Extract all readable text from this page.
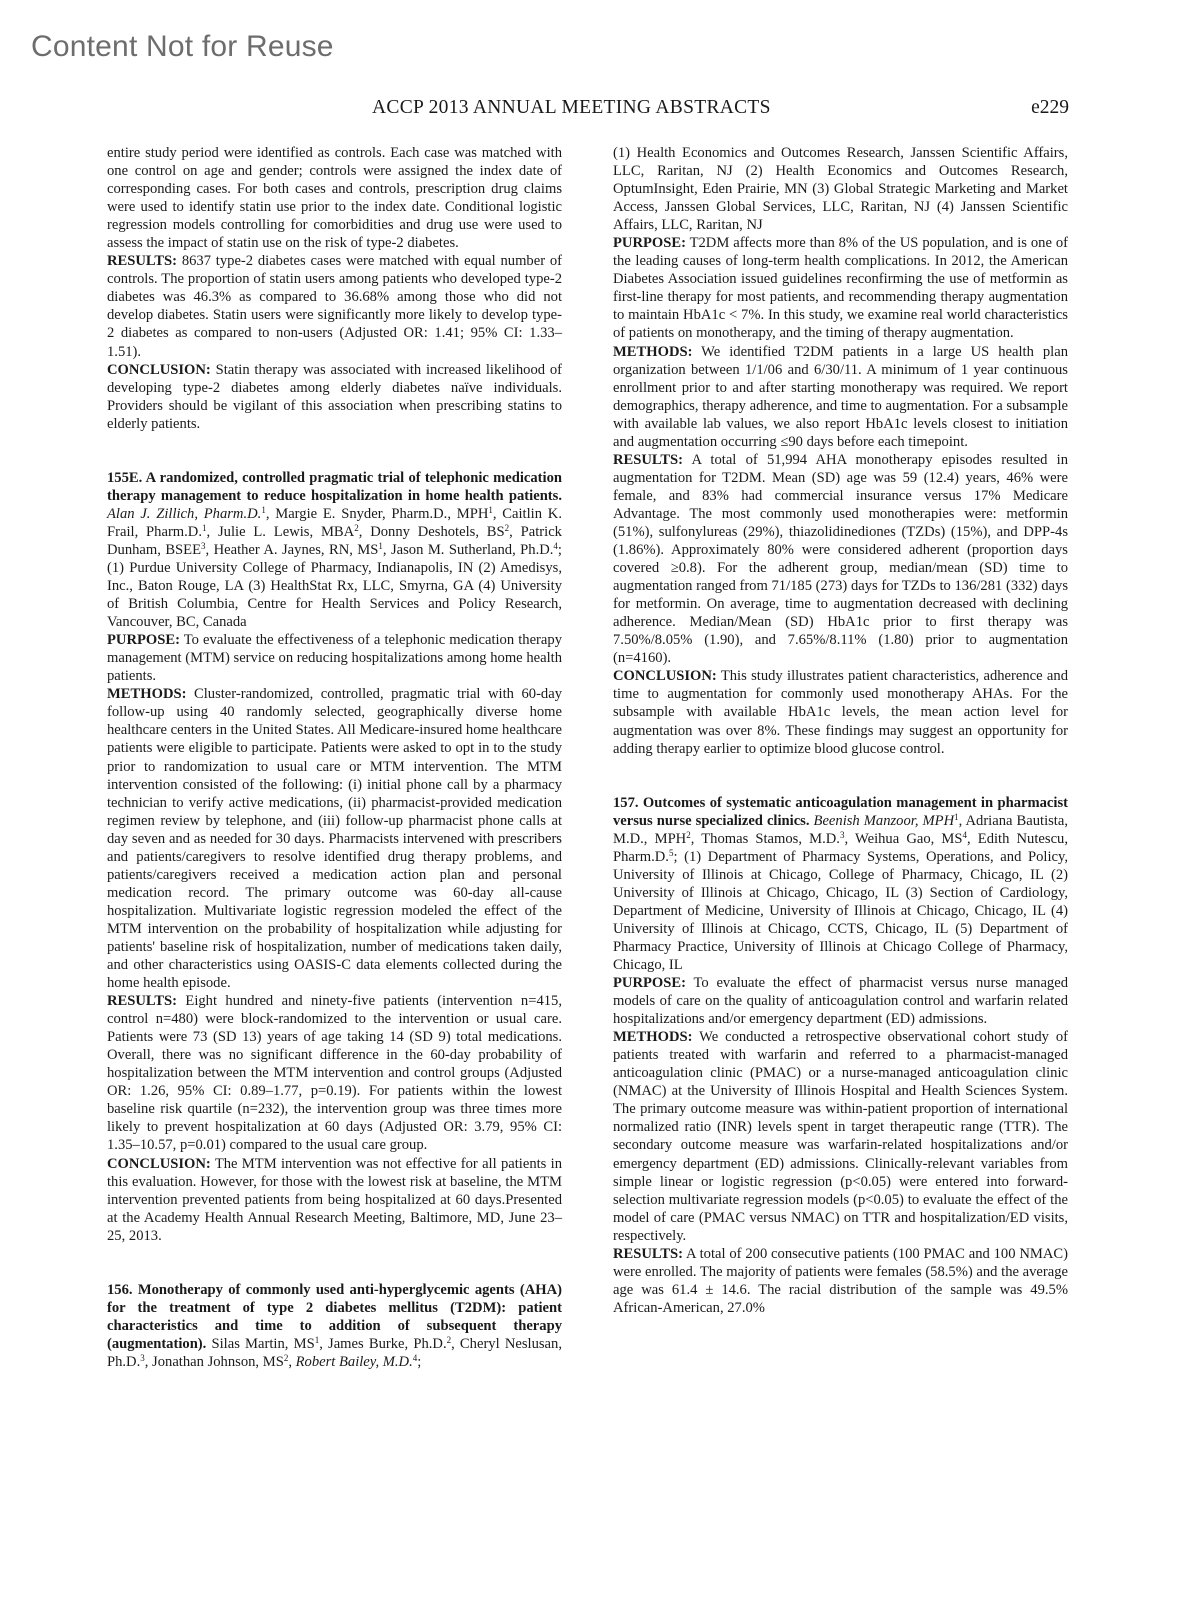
Content Not for Reuse
ACCP 2013 ANNUAL MEETING ABSTRACTS	e229

entire study period were identified as controls. Each case was matched with one control on age and gender; controls were assigned the index date of corresponding cases. For both cases and controls, prescription drug claims were used to identify statin use prior to the index date. Conditional logistic regression models controlling for comorbidities and drug use were used to assess the impact of statin use on the risk of type-2 diabetes.

RESULTS: 8637 type-2 diabetes cases were matched with equal number of controls. The proportion of statin users among patients who developed type-2 diabetes was 46.3% as compared to 36.68% among those who did not develop diabetes. Statin users were significantly more likely to develop type-2 diabetes as compared to non-users (Adjusted OR: 1.41; 95% CI: 1.33–1.51).

CONCLUSION: Statin therapy was associated with increased likelihood of developing type-2 diabetes among elderly diabetes naïve individuals. Providers should be vigilant of this association when prescribing statins to elderly patients.

155E. A randomized, controlled pragmatic trial of telephonic medication therapy management to reduce hospitalization in home health patients. Alan J. Zillich, Pharm.D.$^1$, Margie E. Snyder, Pharm.D., MPH$^1$, Caitlin K. Frail, Pharm.D.$^1$, Julie L. Lewis, MBA$^2$, Donny Deshotels, $BS^2$, Patrick Dunham, BSEE$^3$, Heather A. Jaynes, RN, $MS^1$, Jason M. Sutherland, Ph.D.$^4$; (1) Purdue University College of Pharmacy, Indianapolis, IN (2) Amedisys, Inc., Baton Rouge, LA (3) HealthStat Rx, LLC, Smyrna, GA (4) University of British Columbia, Centre for Health Services and Policy Research, Vancouver, BC, Canada

PURPOSE: To evaluate the effectiveness of a telephonic medication therapy management (MTM) service on reducing hospitalizations among home health patients.

METHODS: Cluster-randomized, controlled, pragmatic trial with 60-day follow-up using 40 randomly selected, geographically diverse home healthcare centers in the United States. All Medicare-insured home healthcare patients were eligible to participate. Patients were asked to opt in to the study prior to randomization to usual care or MTM intervention. The MTM intervention consisted of the following: (i) initial phone call by a pharmacy technician to verify active medications, (ii) pharmacist-provided medication regimen review by telephone, and (iii) follow-up pharmacist phone calls at day seven and as needed for 30 days. Pharmacists intervened with prescribers and patients/caregivers to resolve identified drug therapy problems, and patients/caregivers received a medication action plan and personal medication record. The primary outcome was 60-day all-cause hospitalization. Multivariate logistic regression modeled the effect of the MTM intervention on the probability of hospitalization while adjusting for patients' baseline risk of hospitalization, number of medications taken daily, and other characteristics using OASIS-C data elements collected during the home health episode.

RESULTS: Eight hundred and ninety-five patients (intervention n=415, control n=480) were block-randomized to the intervention or usual care. Patients were 73 (SD 13) years of age taking 14 (SD 9) total medications. Overall, there was no significant difference in the 60-day probability of hospitalization between the MTM intervention and control groups (Adjusted OR: 1.26, 95% CI: 0.89–1.77, p=0.19). For patients within the lowest baseline risk quartile (n=232), the intervention group was three times more likely to prevent hospitalization at 60 days (Adjusted OR: 3.79, 95% CI: 1.35–10.57, p=0.01) compared to the usual care group.

CONCLUSION: The MTM intervention was not effective for all patients in this evaluation. However, for those with the lowest risk at baseline, the MTM intervention prevented patients from being hospitalized at 60 days.Presented at the Academy Health Annual Research Meeting, Baltimore, MD, June 23–25, 2013.

156. Monotherapy of commonly used anti-hyperglycemic agents (AHA) for the treatment of type 2 diabetes mellitus (T2DM): patient characteristics and time to addition of subsequent therapy (augmentation). Silas Martin, $MS^1$, James Burke, Ph.D.$^2$, Cheryl Neslusan, Ph.D.$^3$, Jonathan Johnson, $MS^2$, Robert Bailey, M.D.$^4$;

(1) Health Economics and Outcomes Research, Janssen Scientific Affairs, LLC, Raritan, NJ (2) Health Economics and Outcomes Research, OptumInsight, Eden Prairie, MN (3) Global Strategic Marketing and Market Access, Janssen Global Services, LLC, Raritan, NJ (4) Janssen Scientific Affairs, LLC, Raritan, NJ

PURPOSE: T2DM affects more than 8% of the US population, and is one of the leading causes of long-term health complications. In 2012, the American Diabetes Association issued guidelines reconfirming the use of metformin as first-line therapy for most patients, and recommending therapy augmentation to maintain HbA1c < 7%. In this study, we examine real world characteristics of patients on monotherapy, and the timing of therapy augmentation.

METHODS: We identified T2DM patients in a large US health plan organization between 1/1/06 and 6/30/11. A minimum of 1 year continuous enrollment prior to and after starting monotherapy was required. We report demographics, therapy adherence, and time to augmentation. For a subsample with available lab values, we also report HbA1c levels closest to initiation and augmentation occurring ≤90 days before each timepoint.

RESULTS: A total of 51,994 AHA monotherapy episodes resulted in augmentation for T2DM. Mean (SD) age was 59 (12.4) years, 46% were female, and 83% had commercial insurance versus 17% Medicare Advantage. The most commonly used monotherapies were: metformin (51%), sulfonylureas (29%), thiazolidinediones (TZDs) (15%), and DPP-4s (1.86%). Approximately 80% were considered adherent (proportion days covered ≥0.8). For the adherent group, median/mean (SD) time to augmentation ranged from 71/185 (273) days for TZDs to 136/281 (332) days for metformin. On average, time to augmentation decreased with declining adherence. Median/Mean (SD) HbA1c prior to first therapy was 7.50%/8.05% (1.90), and 7.65%/8.11% (1.80) prior to augmentation (n=4160).

CONCLUSION: This study illustrates patient characteristics, adherence and time to augmentation for commonly used monotherapy AHAs. For the subsample with available HbA1c levels, the mean action level for augmentation was over 8%. These findings may suggest an opportunity for adding therapy earlier to optimize blood glucose control.

157. Outcomes of systematic anticoagulation management in pharmacist versus nurse specialized clinics. Beenish Manzoor, MPH$^1$, Adriana Bautista, M.D., MPH$^2$, Thomas Stamos, M.D.$^3$, Weihua Gao, $MS^4$, Edith Nutescu, Pharm.D.$^5$; (1) Department of Pharmacy Systems, Operations, and Policy, University of Illinois at Chicago, College of Pharmacy, Chicago, IL (2) University of Illinois at Chicago, Chicago, IL (3) Section of Cardiology, Department of Medicine, University of Illinois at Chicago, Chicago, IL (4) University of Illinois at Chicago, CCTS, Chicago, IL (5) Department of Pharmacy Practice, University of Illinois at Chicago College of Pharmacy, Chicago, IL

PURPOSE: To evaluate the effect of pharmacist versus nurse managed models of care on the quality of anticoagulation control and warfarin related hospitalizations and/or emergency department (ED) admissions.

METHODS: We conducted a retrospective observational cohort study of patients treated with warfarin and referred to a pharmacist-managed anticoagulation clinic (PMAC) or a nurse-managed anticoagulation clinic (NMAC) at the University of Illinois Hospital and Health Sciences System. The primary outcome measure was within-patient proportion of international normalized ratio (INR) levels spent in target therapeutic range (TTR). The secondary outcome measure was warfarin-related hospitalizations and/or emergency department (ED) admissions. Clinically-relevant variables from simple linear or logistic regression (p<0.05) were entered into forward-selection multivariate regression models (p<0.05) to evaluate the effect of the model of care (PMAC versus NMAC) on TTR and hospitalization/ED visits, respectively.

RESULTS: A total of 200 consecutive patients (100 PMAC and 100 NMAC) were enrolled. The majority of patients were females (58.5%) and the average age was 61.4 ± 14.6. The racial distribution of the sample was 49.5% African-American, 27.0%
